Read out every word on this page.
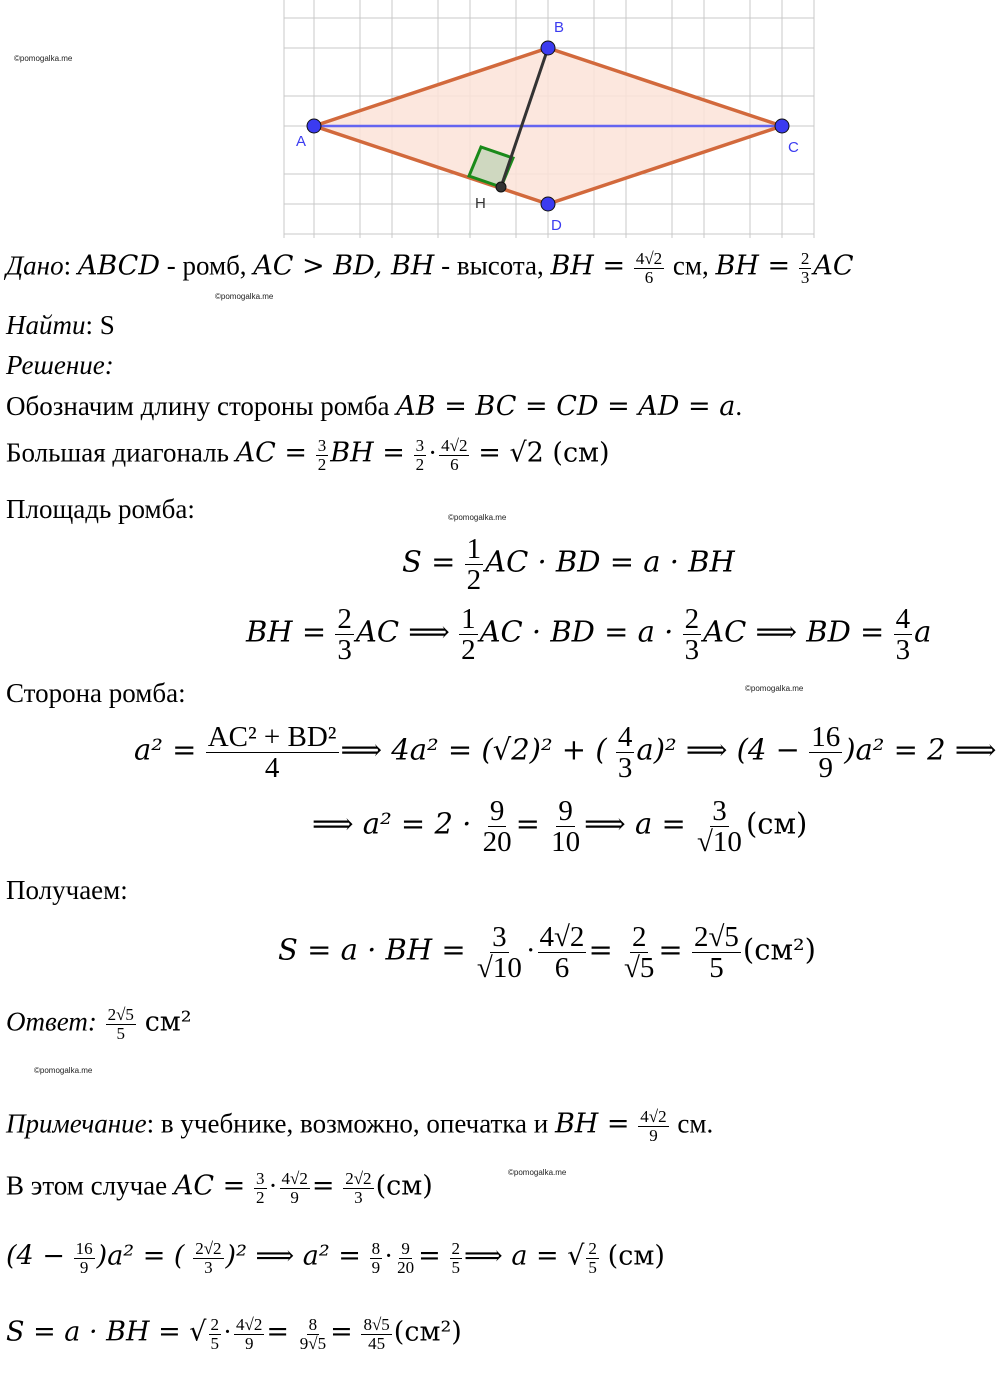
©pomogalka.me
©pomogalka.me
©pomogalka.me
©pomogalka.me
©pomogalka.me
©pomogalka.me
A
B
C
D
H
Дано: ABCD - ромб, AC > BD, BH - высота, BH = $\frac{4√2}{6}$ см, BH = $\frac{2}{3}$ AC
Найти: S
Решение:
Обозначим длину стороны ромба AB = BC = CD = AD = a.
Большая диагональ AC = $\frac{3}{2}$ BH = $\frac{3}{2} \cdot \frac{4√2}{6} = √2$ (см)
Площадь ромба:
$S = \frac{1}{2}$ AC · BD = a · BH
BH = $\frac{2}{3}$ AC ⟹ $\frac{1}{2}$ AC · BD = $a \cdot \frac{2}{3}$ AC ⟹ BD = $\frac{4}{3}$ a
Сторона ромба:
$a^2 = \frac{\text{AC² + BD²}}{4}$ ⟹ 4a² = (√2)² + ( $\frac{4}{3} a)^2$ ⟹ $(4 - \frac{16}{9} )a^2 = 2$ ⟹
⟹ $a^2 = 2 \cdot \frac{9}{20} = \frac{9}{10}$ ⟹ $a = \frac{3}{√10} (см)$
Получаем:
S = a · BH = $\frac{3}{√10} \cdot \frac{4√2}{6} = \frac{2}{√5} = \frac{2√5}{5} (см^2)$
Ответ: $\frac{2√5}{5} см^2$
Примечание: в учебнике, возможно, опечатка и BH = $\frac{4√2}{9}$ см.
В этом случае AC = $\frac{3}{2} \cdot \frac{4√2}{9} = \frac{2√2}{3} (см)$
$(4 - \frac{16}{9} )a^2$ = ( $\frac{2√2}{3} )^2$ ⟹ $a^2 = \frac{8}{9} \cdot \frac{9}{20} = \frac{2}{5}$ ⟹ a = √ $\frac{2}{5} (см)$
S = a · BH = √ $\frac{2}{5} \cdot \frac{4√2}{9} = \frac{8}{9√5} = \frac{8√5}{45} (см^2)$
